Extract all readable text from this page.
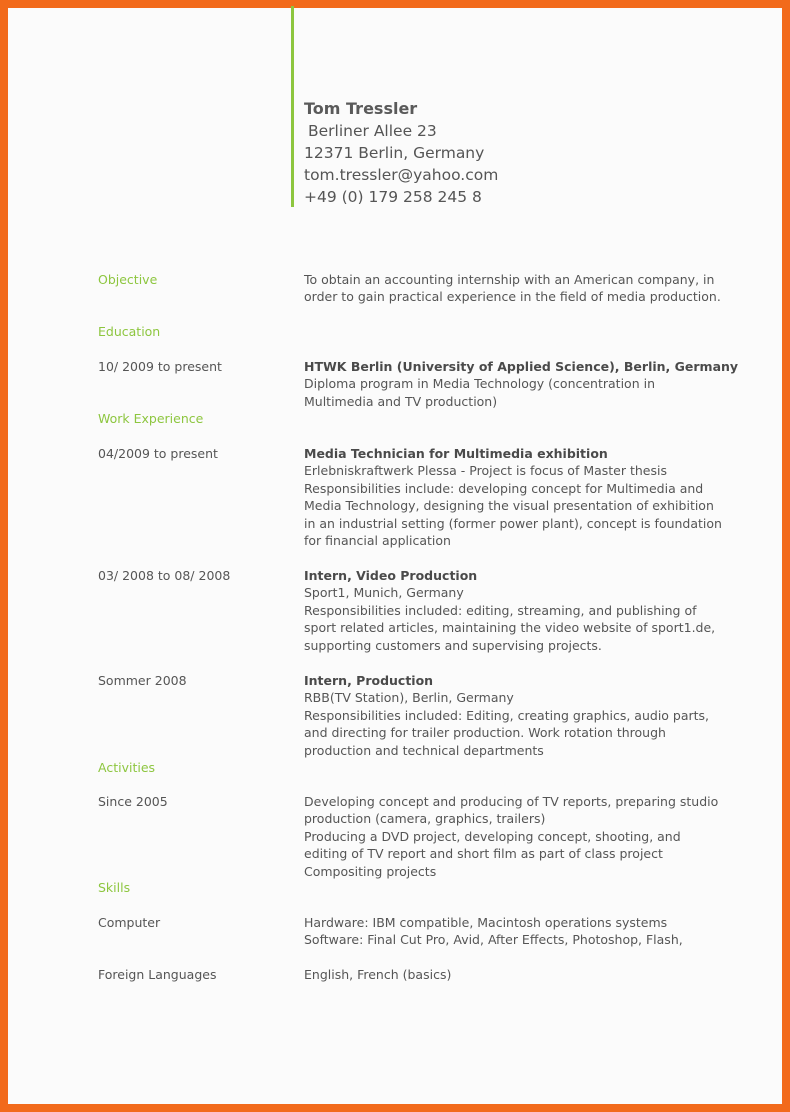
Tom Tressler
Berliner Allee 23
12371 Berlin, Germany
tom.tressler@yahoo.com
+49 (0) 179 258 245 8
Objective	To obtain an accounting internship with an American company, in
order to gain practical experience in the field of media production.
Education
10/ 2009 to present	HTWK Berlin (University of Applied Science), Berlin, Germany
Diploma program in Media Technology (concentration in
Multimedia and TV production)
Work Experience
04/2009 to present	Media Technician for Multimedia exhibition
Erlebniskraftwerk Plessa - Project is focus of Master thesis
Responsibilities include: developing concept for Multimedia and
Media Technology, designing the visual presentation of exhibition
in an industrial setting (former power plant), concept is foundation
for financial application
03/ 2008 to 08/ 2008	Intern, Video Production
Sport1, Munich, Germany
Responsibilities included: editing, streaming, and publishing of
sport related articles, maintaining the video website of sport1.de,
supporting customers and supervising projects.
Sommer 2008	Intern, Production
RBB(TV Station), Berlin, Germany
Responsibilities included: Editing, creating graphics, audio parts,
and directing for trailer production. Work rotation through
production and technical departments
Activities
Since 2005	Developing concept and producing of TV reports, preparing studio
production (camera, graphics, trailers)
Producing a DVD project, developing concept, shooting, and
editing of TV report and short film as part of class project
Compositing projects
Skills
Computer	Hardware: IBM compatible, Macintosh operations systems
Software: Final Cut Pro, Avid, After Effects, Photoshop, Flash,
Foreign Languages	English, French (basics)
